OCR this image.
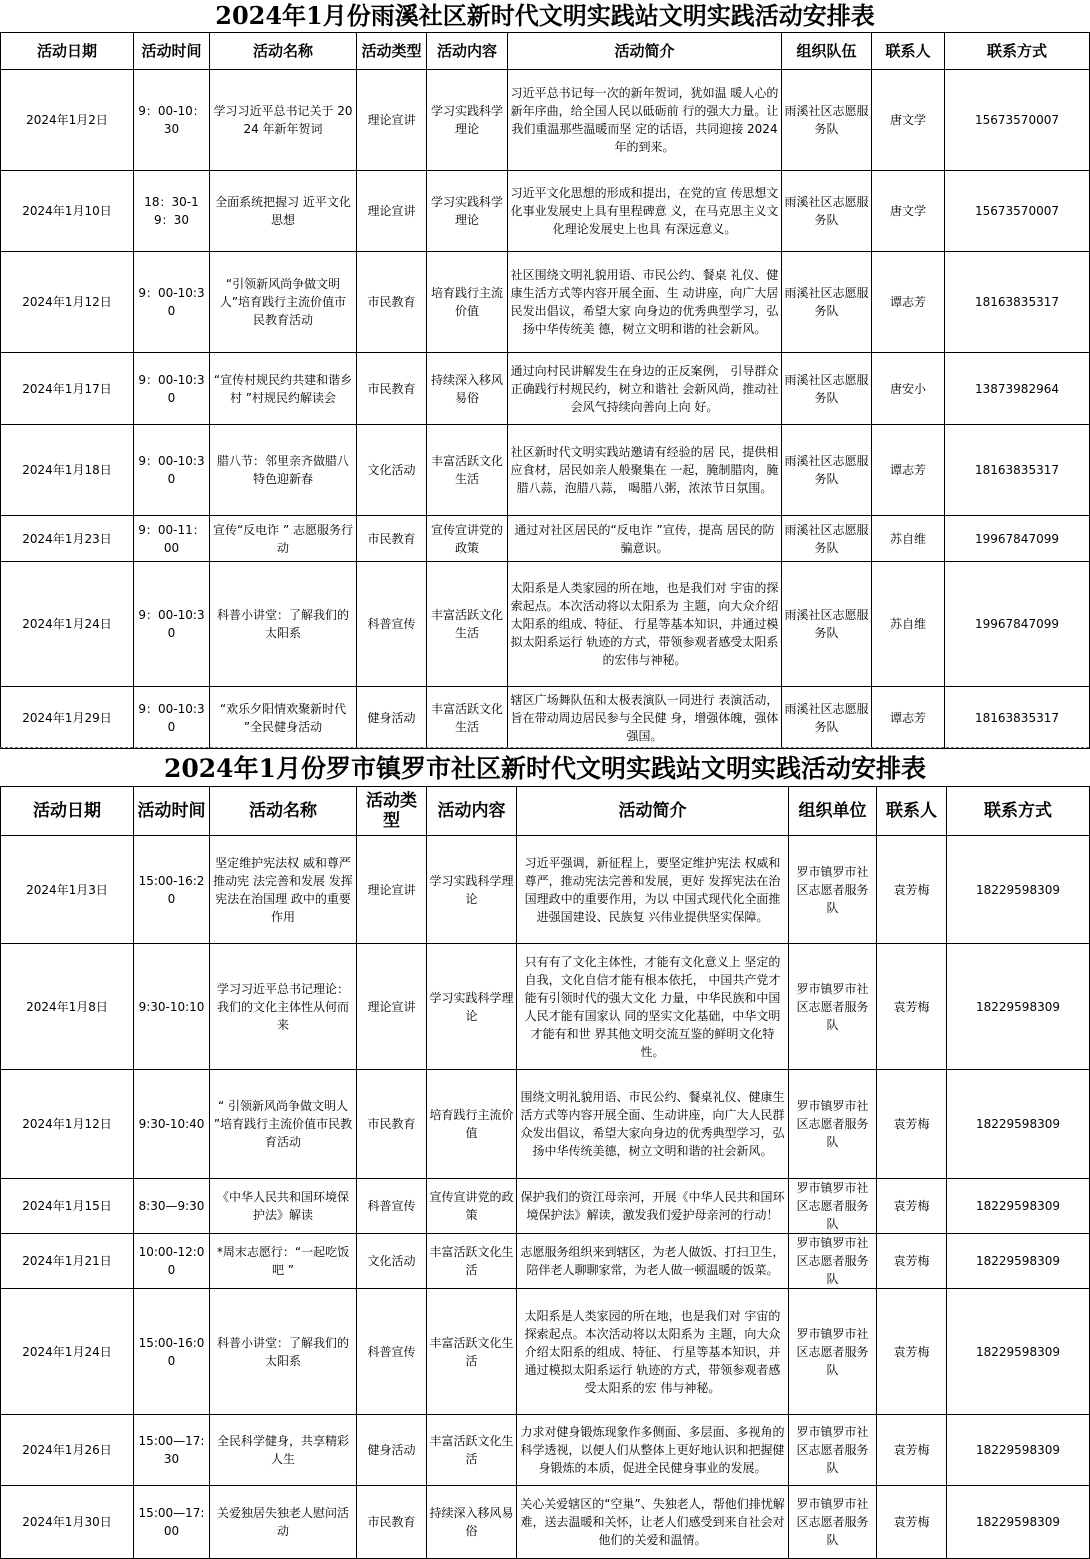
2024年1月份雨溪社区新时代文明实践站文明实践活动安排表
活动日期	活动时间	活动名称	活动类型	活动内容	活动简介	组织队伍	联系人	联系方式
2024年1月2日	9：00-10：30	学习习近平总书记关于 2024 年新年贺词	理论宣讲	学习实践科学理论	习近平总书记每一次的新年贺词，犹如温 暖人心的新年序曲，给全国人民以砥砺前 行的强大力量。让我们重温那些温暖而坚 定的话语，共同迎接 2024 年的到来。	雨溪社区志愿服务队	唐文学	15673570007
2024年1月10日	18：30-19：30	全面系统把握习 近平文化思想	理论宣讲	学习实践科学理论	习近平文化思想的形成和提出，在党的宣 传思想文化事业发展史上具有里程碑意 义，在马克思主义文化理论发展史上也具 有深远意义。	雨溪社区志愿服务队	唐文学	15673570007
2024年1月12日	9：00-10:30	“引领新风尚争做文明人”培育践行主流价值市 民教育活动	市民教育	培育践行主流价值	社区围绕文明礼貌用语、市民公约、餐桌 礼仪、健康生活方式等内容开展全面、生 动讲座，向广大居民发出倡议，希望大家 向身边的优秀典型学习，弘扬中华传统美 德，树立文明和谐的社会新风。	雨溪社区志愿服务队	谭志芳	18163835317
2024年1月17日	9：00-10:30	“宣传村规民约共建和谐乡村 ”村规民约解读会	市民教育	持续深入移风易俗	通过向村民讲解发生在身边的正反案例， 引导群众正确践行村规民约，树立和谐社 会新风尚，推动社会风气持续向善向上向 好。	雨溪社区志愿服务队	唐安小	13873982964
2024年1月18日	9：00-10:30	腊八节：邻里亲齐做腊八特色迎新春	文化活动	丰富活跃文化生活	社区新时代文明实践站邀请有经验的居 民，提供相应食材，居民如亲人般聚集在 一起，腌制腊肉，腌腊八蒜，泡腊八蒜， 喝腊八粥，浓浓节日氛围。	雨溪社区志愿服务队	谭志芳	18163835317
2024年1月23日	9：00-11：00	宣传“反电诈 ” 志愿服务行动	市民教育	宣传宣讲党的政策	通过对社区居民的“反电诈 ”宣传，提高 居民的防骗意识。	雨溪社区志愿服务队	苏自维	19967847099
2024年1月24日	9：00-10:30	科普小讲堂：了解我们的太阳系	科普宣传	丰富活跃文化生活	太阳系是人类家园的所在地，也是我们对 宇宙的探索起点。本次活动将以太阳系为 主题，向大众介绍太阳系的组成、特征、 行星等基本知识，并通过模拟太阳系运行 轨迹的方式，带领参观者感受太阳系的宏伟与神秘。	雨溪社区志愿服务队	苏自维	19967847099
2024年1月29日	9：00-10:30	“欢乐夕阳情欢聚新时代 ”全民健身活动	健身活动	丰富活跃文化生活	辖区广场舞队伍和太极表演队一同进行 表演活动，旨在带动周边居民参与全民健 身，增强体魄，强体强国。	雨溪社区志愿服务队	谭志芳	18163835317
2024年1月份罗市镇罗市社区新时代文明实践站文明实践活动安排表
活动日期	活动时间	活动名称	活动类型	活动内容	活动简介	组织单位	联系人	联系方式
2024年1月3日	15:00-16:20	坚定维护宪法权 威和尊严推动宪 法完善和发展 发挥宪法在治国理 政中的重要作用	理论宣讲	学习实践科学理论	习近平强调，新征程上，要坚定维护宪法 权威和尊严，推动宪法完善和发展，更好 发挥宪法在治国理政中的重要作用，为以 中国式现代化全面推进强国建设、民族复 兴伟业提供坚实保障。	罗市镇罗市社区志愿者服务队	袁芳梅	18229598309
2024年1月8日	9:30-10:10	学习习近平总书记理论：我们的文化主体性从何而来	理论宣讲	学习实践科学理论	只有有了文化主体性，才能有文化意义上 坚定的自我，文化自信才能有根本依托， 中国共产党才能有引领时代的强大文化 力量，中华民族和中国人民才能有国家认 同的坚实文化基础，中华文明才能有和世 界其他文明交流互鉴的鲜明文化特性。	罗市镇罗市社区志愿者服务队	袁芳梅	18229598309
2024年1月12日	9:30-10:40	“ 引领新风尚争做文明人 ”培育践行主流价值市民教育活动	市民教育	培育践行主流价值	围绕文明礼貌用语、市民公约、餐桌礼仪、健康生活方式等内容开展全面、生动讲座，向广大人民群众发出倡议，希望大家向身边的优秀典型学习，弘扬中华传统美德，树立文明和谐的社会新风。	罗市镇罗市社区志愿者服务队	袁芳梅	18229598309
2024年1月15日	8:30—9:30	《中华人民共和国环境保护法》解读	科普宣传	宣传宣讲党的政策	保护我们的资江母亲河，开展《中华人民共和国环境保护法》解读，激发我们爱护母亲河的行动！	罗市镇罗市社区志愿者服务队	袁芳梅	18229598309
2024年1月21日	10:00-12:00	*周末志愿行：“一起吃饭吧 ”	文化活动	丰富活跃文化生活	志愿服务组织来到辖区，为老人做饭、打扫卫生，陪伴老人聊聊家常，为老人做一顿温暖的饭菜。	罗市镇罗市社区志愿者服务队	袁芳梅	18229598309
2024年1月24日	15:00-16:00	科普小讲堂：了解我们的太阳系	科普宣传	丰富活跃文化生活	太阳系是人类家园的所在地，也是我们对 宇宙的探索起点。本次活动将以太阳系为 主题，向大众介绍太阳系的组成、特征、 行星等基本知识，并通过模拟太阳系运行 轨迹的方式，带领参观者感受太阳系的宏 伟与神秘。	罗市镇罗市社区志愿者服务队	袁芳梅	18229598309
2024年1月26日	15:00—17:30	全民科学健身，共享精彩人生	健身活动	丰富活跃文化生活	力求对健身锻炼现象作多侧面、多层面、多视角的科学透视，以便人们从整体上更好地认识和把握健身锻炼的本质，促进全民健身事业的发展。	罗市镇罗市社区志愿者服务队	袁芳梅	18229598309
2024年1月30日	15:00—17:00	关爱独居失独老人慰问活动	市民教育	持续深入移风易俗	关心关爱辖区的“空巢”、失独老人，帮他们排忧解难，送去温暖和关怀，让老人们感受到来自社会对他们的关爱和温情。	罗市镇罗市社区志愿者服务队	袁芳梅	18229598309
